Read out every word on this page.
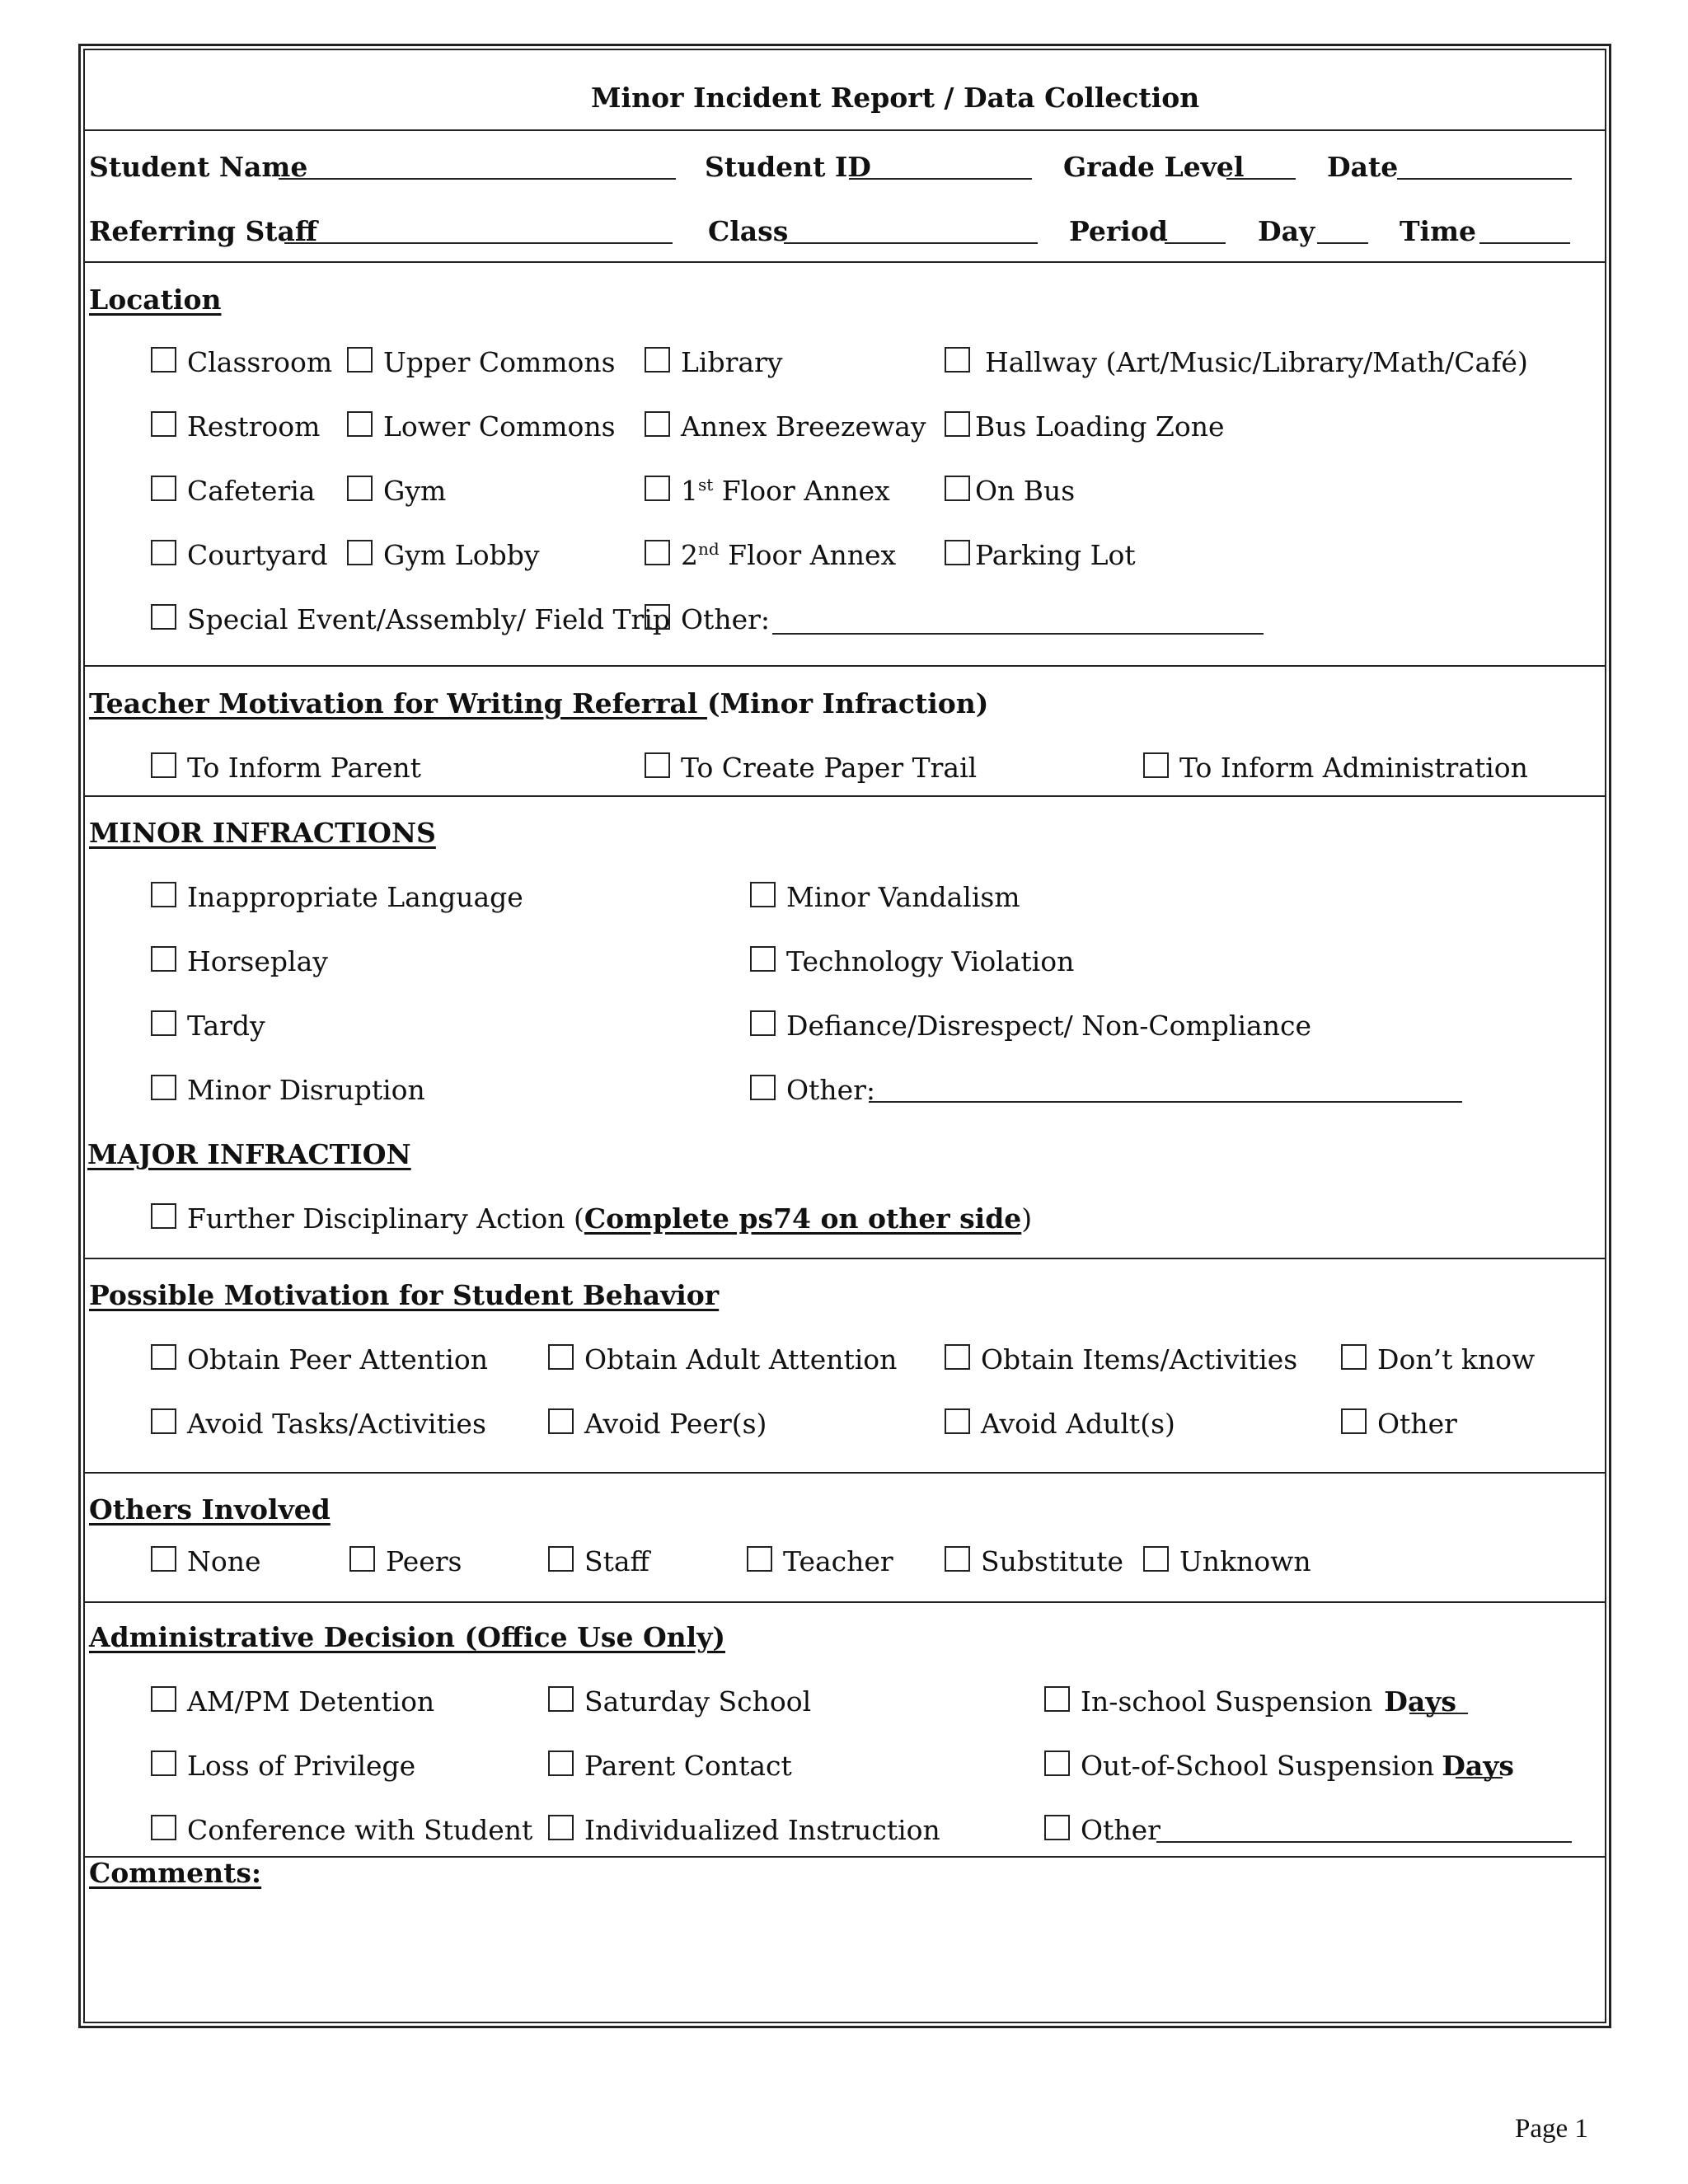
Minor Incident Report / Data Collection
Student Name	Student ID	Grade Level	Date
Referring Staff	Class	Period	Day	Time
Location
Classroom Upper Commons Library	Hallway (Art/Music/Library/Math/Café)
Restroom Lower Commons Annex Breezeway Bus Loading Zone
Cafeteria	Gym	1st Floor Annex	On Bus
Courtyard Gym Lobby	2nd Floor Annex	Parking Lot
Special Event/Assembly/ Field Trip Other:
Teacher Motivation for Writing Referral (Minor Infraction)
To Inform Parent	To Create Paper Trail	To Inform Administration
MINOR INFRACTIONS
Inappropriate Language	Minor Vandalism
Horseplay	Technology Violation
Tardy	Defiance/Disrespect/ Non-Compliance
Minor Disruption	Other:
MAJOR INFRACTION
Further Disciplinary Action ( Complete ps74 on other side )
Possible Motivation for Student Behavior
Obtain Peer Attention	Obtain Adult Attention	Obtain Items/Activities	Don’t know
Avoid Tasks/Activities	Avoid Peer(s)	Avoid Adult(s)	Other
Others Involved
None	Peers	Staff	Teacher	Substitute Unknown
Administrative Decision (Office Use Only)
AM/PM Detention	Saturday School	In-school Suspension Days
Loss of Privilege	Parent Contact	Out-of-School Suspension Days
Conference with Student Individualized Instruction	Other
Comments:
Page 1
